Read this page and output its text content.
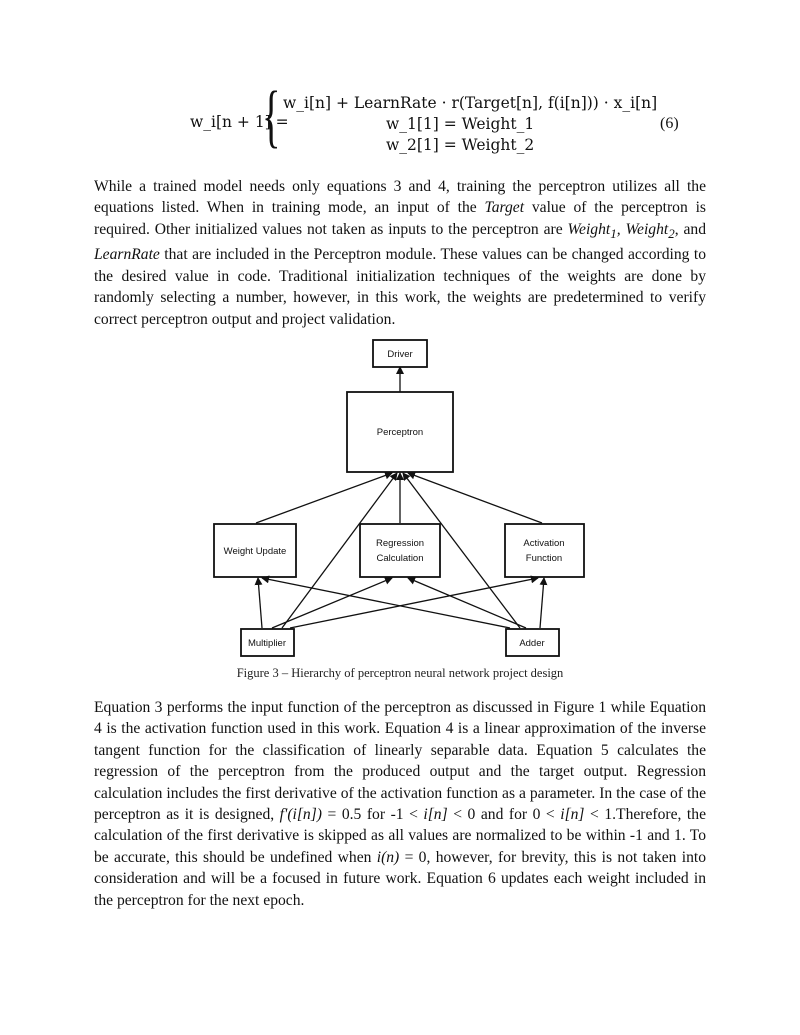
w_i[n + 1] =
{ w_i[n] + LearnRate · r(Target[n], f(i[n])) · x_i[n]
w_1[1] = Weight_1
w_2[1] = Weight_2
(6)

While a trained model needs only equations 3 and 4, training the perceptron utilizes all the equations listed. When in training mode, an input of the Target value of the perceptron is required. Other initialized values not taken as inputs to the perceptron are Weight$_1$, Weight$_2$, and LearnRate that are included in the Perceptron module. These values can be changed according to the desired value in code. Traditional initialization techniques of the weights are done by randomly selecting a number, however, in this work, the weights are predetermined to verify correct perceptron output and project validation.

Driver
Perceptron
Weight Update
Regression
Calculation
Activation
Function
Multiplier	Adder
Figure 3 – Hierarchy of perceptron neural network project design

Equation 3 performs the input function of the perceptron as discussed in Figure 1 while Equation 4 is the activation function used in this work. Equation 4 is a linear approximation of the inverse tangent function for the classification of linearly separable data. Equation 5 calculates the regression of the perceptron from the produced output and the target output. Regression calculation includes the first derivative of the activation function as a parameter. In the case of the perceptron as it is designed, f'(i[n]) = 0.5 for -1 < i[n] < 0 and for 0 < i[n] < 1.Therefore, the calculation of the first derivative is skipped as all values are normalized to be within -1 and 1. To be accurate, this should be undefined when i(n) = 0, however, for brevity, this is not taken into consideration and will be a focused in future work. Equation 6 updates each weight included in the perceptron for the next epoch.
